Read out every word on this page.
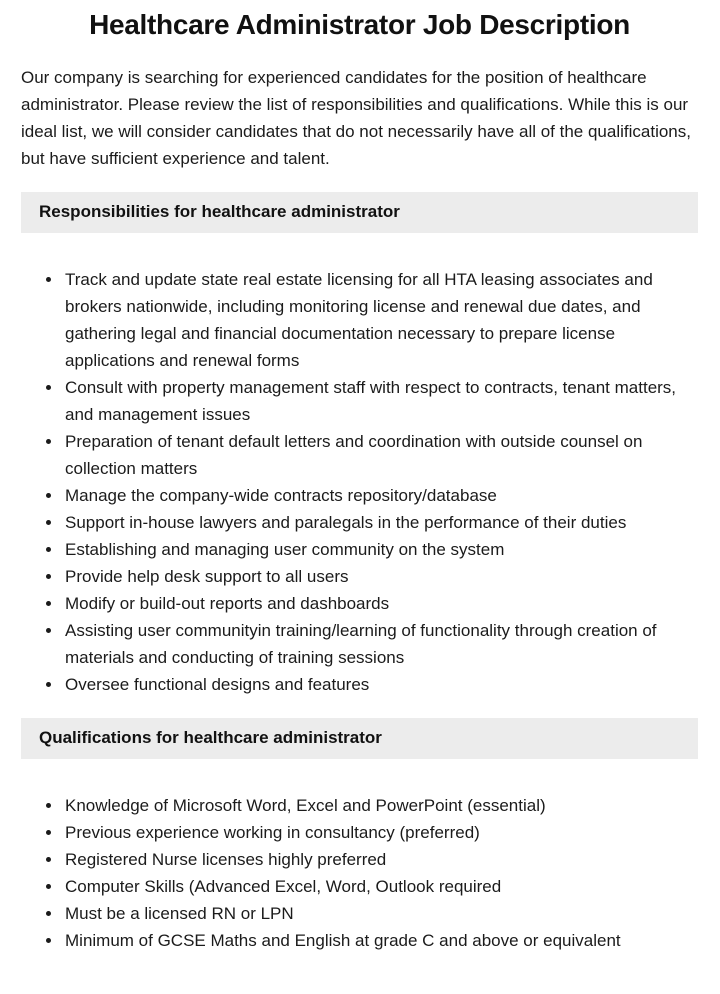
Healthcare Administrator Job Description

Our company is searching for experienced candidates for the position of healthcare administrator. Please review the list of responsibilities and qualifications. While this is our ideal list, we will consider candidates that do not necessarily have all of the qualifications, but have sufficient experience and talent.

Responsibilities for healthcare administrator
• Track and update state real estate licensing for all HTA leasing associates and brokers nationwide, including monitoring license and renewal due dates, and gathering legal and financial documentation necessary to prepare license applications and renewal forms
• Consult with property management staff with respect to contracts, tenant matters, and management issues
• Preparation of tenant default letters and coordination with outside counsel on collection matters
• Manage the company-wide contracts repository/database
• Support in-house lawyers and paralegals in the performance of their duties
• Establishing and managing user community on the system
• Provide help desk support to all users
• Modify or build-out reports and dashboards
• Assisting user communityin training/learning of functionality through creation of materials and conducting of training sessions
• Oversee functional designs and features
Qualifications for healthcare administrator
• Knowledge of Microsoft Word, Excel and PowerPoint (essential)
• Previous experience working in consultancy (preferred)
• Registered Nurse licenses highly preferred
• Computer Skills (Advanced Excel, Word, Outlook required
• Must be a licensed RN or LPN
• Minimum of GCSE Maths and English at grade C and above or equivalent
